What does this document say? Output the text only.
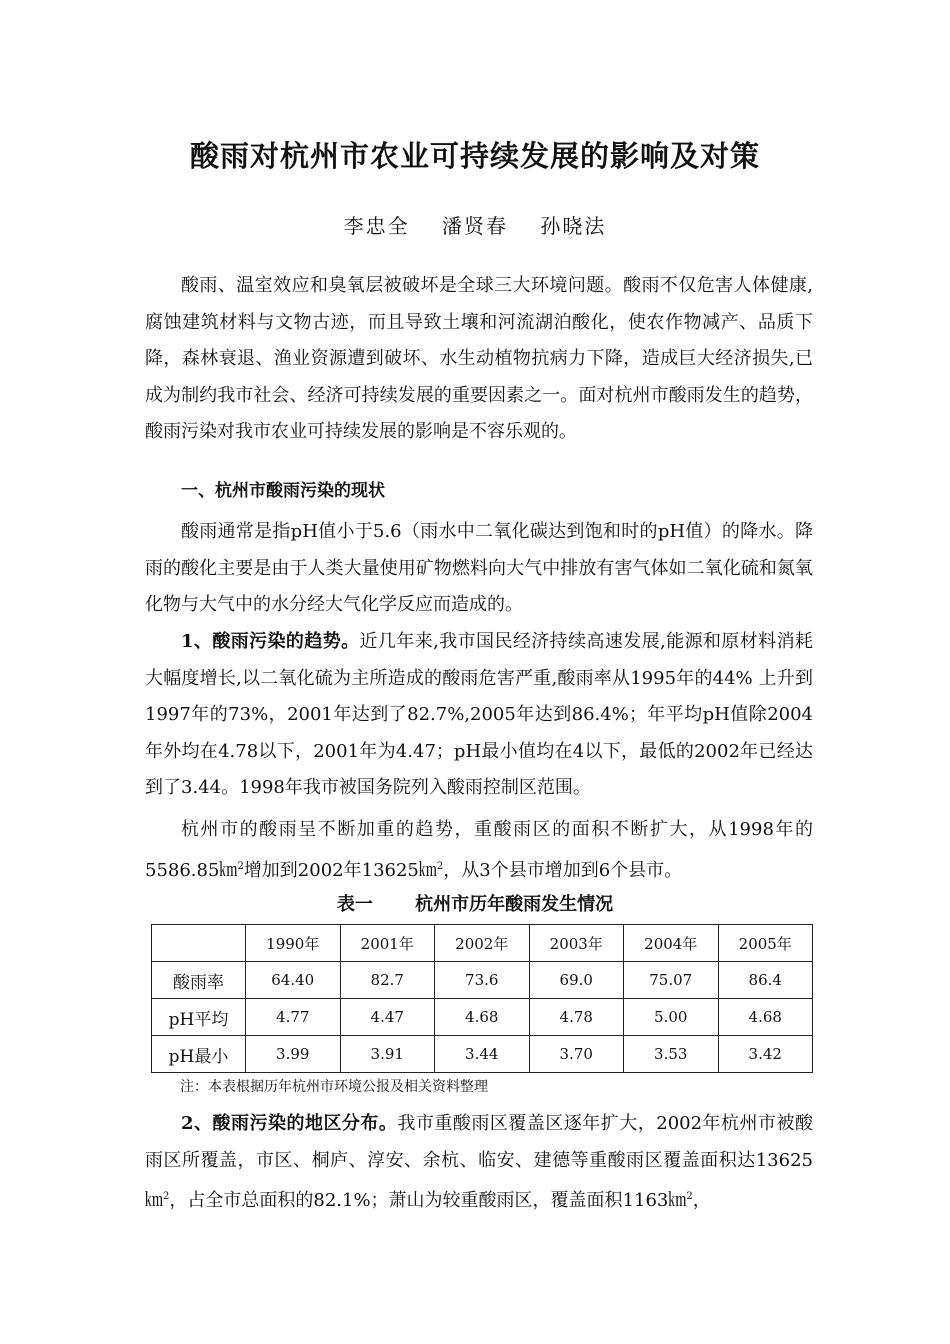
酸雨对杭州市农业可持续发展的影响及对策
李忠全 潘贤春 孙晓法

酸雨、温室效应和臭氧层被破坏是全球三大环境问题。酸雨不仅危害人体健康,腐蚀建筑材料与文物古迹，而且导致土壤和河流湖泊酸化，使农作物减产、品质下降，森林衰退、渔业资源遭到破坏、水生动植物抗病力下降，造成巨大经济损失,已成为制约我市社会、经济可持续发展的重要因素之一。面对杭州市酸雨发生的趋势，酸雨污染对我市农业可持续发展的影响是不容乐观的。

一、杭州市酸雨污染的现状

酸雨通常是指pH值小于5.6（雨水中二氧化碳达到饱和时的pH值）的降水。降雨的酸化主要是由于人类大量使用矿物燃料向大气中排放有害气体如二氧化硫和氮氧化物与大气中的水分经大气化学反应而造成的。

1、酸雨污染的趋势。近几年来,我市国民经济持续高速发展,能源和原材料消耗大幅度增长,以二氧化硫为主所造成的酸雨危害严重,酸雨率从1995年的44% 上升到1997年的73%，2001年达到了82.7%,2005年达到86.4%；年平均pH值除2004年外均在4.78以下，2001年为4.47；pH最小值均在4以下，最低的2002年已经达到了3.44。1998年我市被国务院列入酸雨控制区范围。

杭州市的酸雨呈不断加重的趋势，重酸雨区的面积不断扩大，从1998年的5586.85㎞$^2$增加到2002年13625㎞$^2$，从3个县市增加到6个县市。

表一 杭州市历年酸雨发生情况
	1990年	2001年	2002年	2003年	2004年	2005年
酸雨率	64.40	82.7	73.6	69.0	75.07	86.4
pH平均	4.77	4.47	4.68	4.78	5.00	4.68
pH最小	3.99	3.91	3.44	3.70	3.53	3.42
注：本表根据历年杭州市环境公报及相关资料整理

2、酸雨污染的地区分布。我市重酸雨区覆盖区逐年扩大，2002年杭州市被酸雨区所覆盖，市区、桐庐、淳安、余杭、临安、建德等重酸雨区覆盖面积达13625㎞$^2$，占全市总面积的82.1%；萧山为较重酸雨区，覆盖面积1163㎞$^2$，
